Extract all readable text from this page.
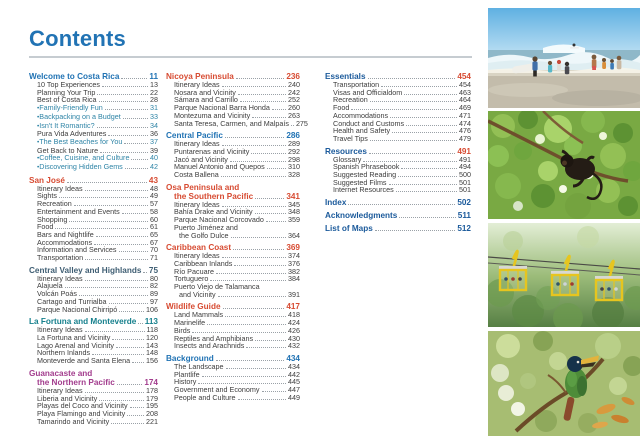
Contents
Welcome to Costa Rica	11
10 Top Experiences	13
Planning Your Trip	22
Best of Costa Rica	28
• Family-Friendly Fun	31
• Backpacking on a Budget	33
• Isn't It Romantic?	34
Pura Vida Adventures	36
• The Best Beaches for You	37
Get Back to Nature	39
• Coffee, Cuisine, and Culture	40
• Discovering Hidden Gems	42
San José	43
Itinerary Ideas	48
Sights	49
Recreation	57
Entertainment and Events	58
Shopping	60
Food	61
Bars and Nightlife	65
Accommodations	67
Information and Services	70
Transportation	71
Central Valley and Highlands 75
Itinerary Ideas	80
Alajuela	82
Volcán Poás	89
Cartago and Turrialba	97
Parque Nacional Chirripó	106
La Fortuna and Monteverde 113
Itinerary Ideas	118
La Fortuna and Vicinity	120
Lago Arenal and Vicinity	143
Northern Inlands	148
Monteverde and Santa Elena 156
Guanacaste and
the Northern Pacific	174
Itinerary Ideas	178
Liberia and Vicinity	179
Playas del Coco and Vicinity	195
Playa Flamingo and Vicinity	208
Tamarindo and Vicinity	221
Nicoya Peninsula	236
Itinerary Ideas	240
Nosara and Vicinity	242
Sámara and Carrillo	252
Parque Nacional Barra Honda	260
Montezuma and Vicinity	263
Santa Teresa, Carmen, and Malpaís 275
Central Pacific	286
Itinerary Ideas	289
Puntarenas and Vicinity	292
Jacó and Vicinity	298
Manuel Antonio and Quepos	310
Costa Ballena	328
Osa Peninsula and
the Southern Pacific	341
Itinerary Ideas	345
Bahía Drake and Vicinity	348
Parque Nacional Corcovado	359
Puerto Jiménez and
the Golfo Dulce	364
Caribbean Coast	369
Itinerary Ideas	374
Caribbean Inlands	376
Río Pacuare	382
Tortuguero	384
Puerto Viejo de Talamanca
and Vicinity	391
Wildlife Guide	417
Land Mammals	418
Marinelife	424
Birds	426
Reptiles and Amphibians	430
Insects and Arachnids	432
Background	434
The Landscape	434
Plantlife	442
History	445
Government and Economy	447
People and Culture	449
Essentials	454
Transportation	454
Visas and Officialdom	463
Recreation	464
Food	469
Accommodations	471
Conduct and Customs	474
Health and Safety	476
Travel Tips	479
Resources	491
Glossary	491
Spanish Phrasebook	494
Suggested Reading	500
Suggested Films	501
Internet Resources	501
Index	502
Acknowledgments	511
List of Maps	512
